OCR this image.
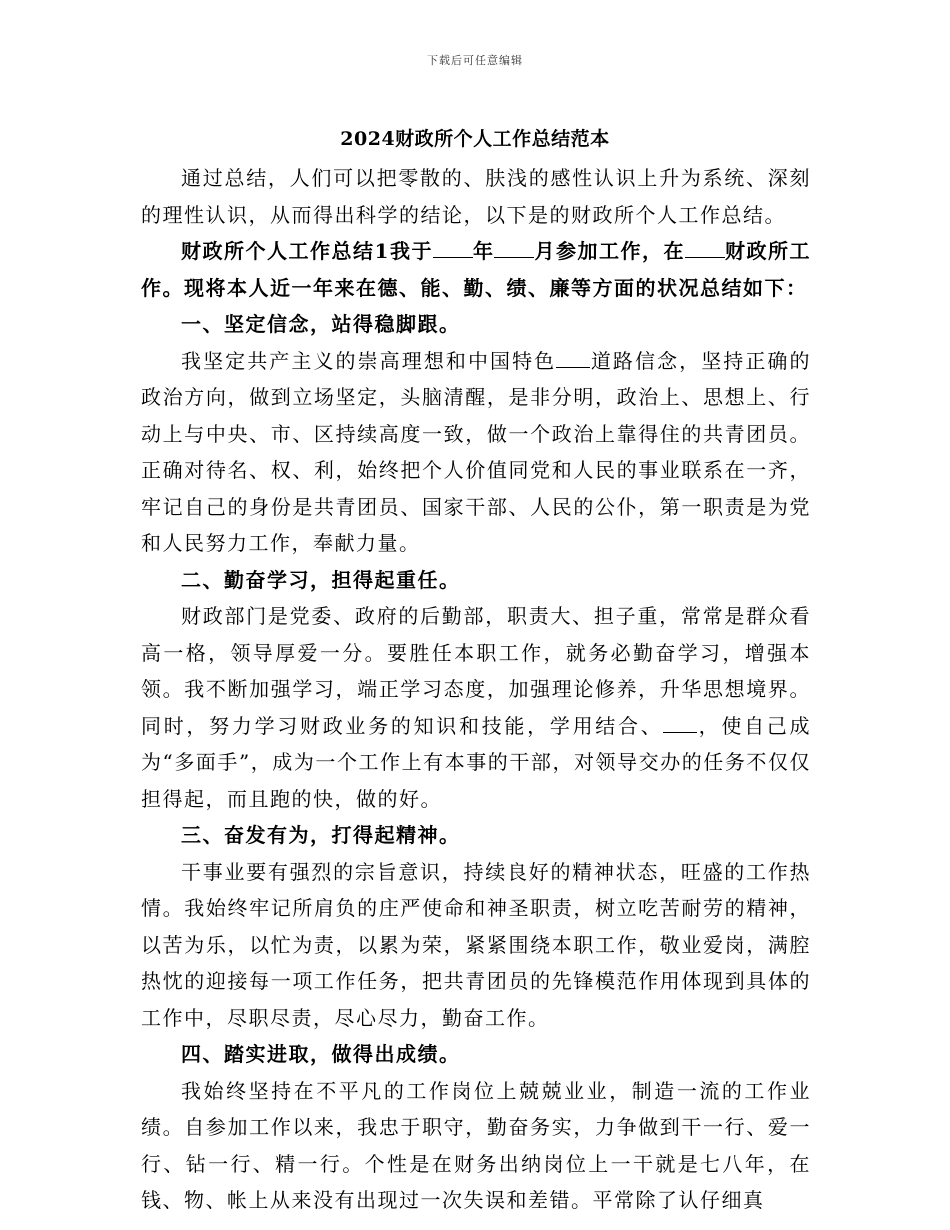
下载后可任意编辑
2024财政所个人工作总结范本

通过总结，人们可以把零散的、肤浅的感性认识上升为系统、深刻的理性认识，从而得出科学的结论，以下是的财政所个人工作总结。

财政所个人工作总结1我于 年 月参加工作，在 财政所工作。现将本人近一年来在德、能、勤、绩、廉等方面的状况总结如下：

一、坚定信念，站得稳脚跟。

我坚定共产主义的崇高理想和中国特色 道路信念，坚持正确的政治方向，做到立场坚定，头脑清醒，是非分明，政治上、思想上、行动上与中央、市、区持续高度一致，做一个政治上靠得住的共青团员。正确对待名、权、利，始终把个人价值同党和人民的事业联系在一齐，牢记自己的身份是共青团员、国家干部、人民的公仆，第一职责是为党和人民努力工作，奉献力量。

二、勤奋学习，担得起重任。

财政部门是党委、政府的后勤部，职责大、担子重，常常是群众看高一格，领导厚爱一分。要胜任本职工作，就务必勤奋学习，增强本领。我不断加强学习，端正学习态度，加强理论修养，升华思想境界。同时，努力学习财政业务的知识和技能，学用结合、 ，使自己成为“多面手”，成为一个工作上有本事的干部，对领导交办的任务不仅仅担得起，而且跑的快，做的好。

三、奋发有为，打得起精神。

干事业要有强烈的宗旨意识，持续良好的精神状态，旺盛的工作热情。我始终牢记所肩负的庄严使命和神圣职责，树立吃苦耐劳的精神，以苦为乐，以忙为责，以累为荣，紧紧围绕本职工作，敬业爱岗，满腔热忱的迎接每一项工作任务，把共青团员的先锋模范作用体现到具体的工作中，尽职尽责，尽心尽力，勤奋工作。

四、踏实进取，做得出成绩。

我始终坚持在不平凡的工作岗位上兢兢业业，制造一流的工作业绩。自参加工作以来，我忠于职守，勤奋务实，力争做到干一行、爱一行、钻一行、精一行。个性是在财务出纳岗位上一干就是七八年，在钱、物、帐上从来没有出现过一次失误和差错。平常除了认仔细真
